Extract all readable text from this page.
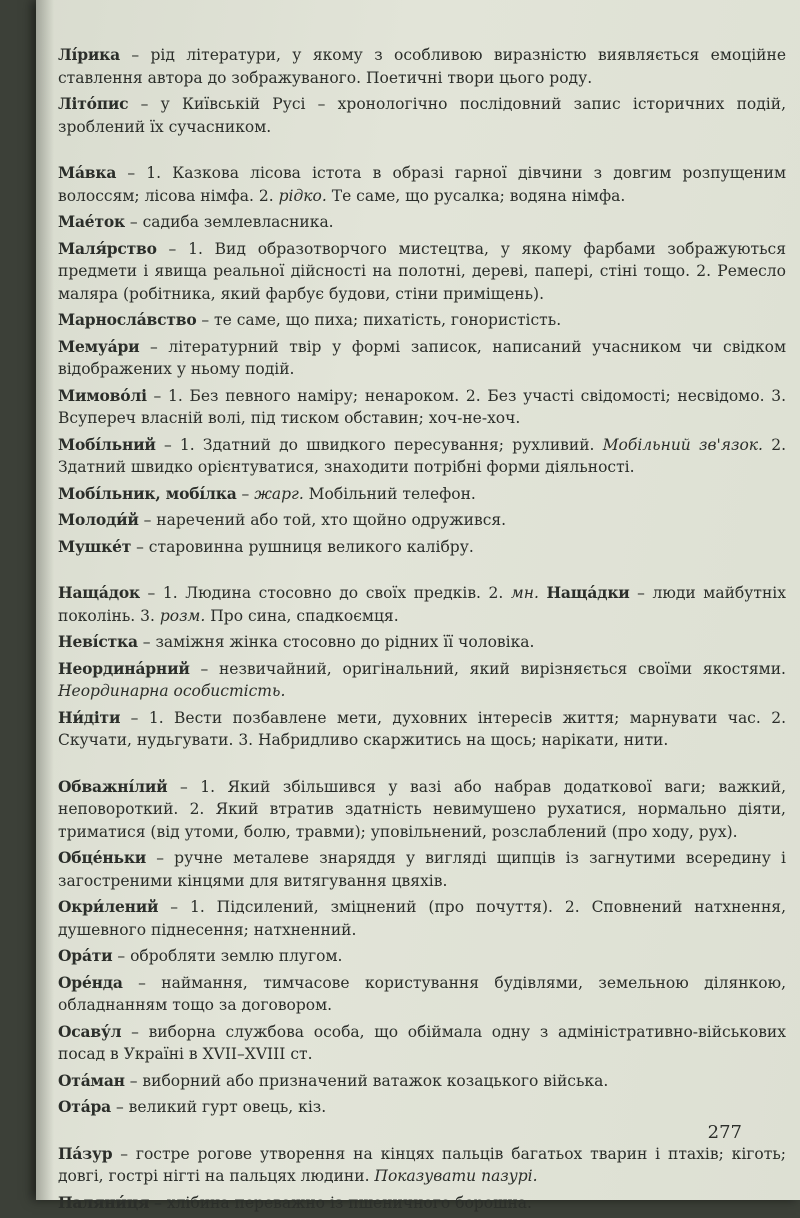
Лі́рика – рід літератури, у якому з особливою виразністю виявляється емоційне ставлення автора до зображуваного. Поетичні твори цього роду.

Літо́пис – у Київській Русі – хронологічно послідовний запис історичних подій, зроблений їх сучасником.

Ма́вка – 1. Казкова лісова істота в образі гарної дівчини з довгим розпущеним волоссям; лісова німфа. 2. рідко. Те саме, що русалка; водяна німфа.

Мае́ток – садиба землевласника.

Маля́рство – 1. Вид образотворчого мистецтва, у якому фарбами зображуються предмети і явища реальної дійсності на полотні, дереві, папері, стіні тощо. 2. Ремесло маляра (робітника, який фарбує будови, стіни приміщень).

Марносла́вство – те саме, що пиха; пихатість, гонористість.

Мемуа́ри – літературний твір у формі записок, написаний учасником чи свідком відображених у ньому подій.

Мимово́лі – 1. Без певного наміру; ненароком. 2. Без участі свідомості; несвідомо. 3. Всупереч власній волі, під тиском обставин; хоч-не-хоч.

Мобі́льний – 1. Здатний до швидкого пересування; рухливий. Мобільний зв'язок. 2. Здатний швидко орієнтуватися, знаходити потрібні форми діяльності.

Мобі́льник, мобі́лка – жарг. Мобільний телефон.

Молоди́й – наречений або той, хто щойно одружився.

Мушке́т – старовинна рушниця великого калібру.

Наща́док – 1. Людина стосовно до своїх предків. 2. мн. Наща́дки – люди майбутніх поколінь. 3. розм. Про сина, спадкоємця.

Неві́стка – заміжня жінка стосовно до рідних її чоловіка.

Неордина́рний – незвичайний, оригінальний, який вирізняється своїми якостями. Неординарна особистість.

Ни́діти – 1. Вести позбавлене мети, духовних інтересів життя; марнувати час. 2. Скучати, нудьгувати. 3. Набридливо скаржитись на щось; нарікати, нити.

Обважні́лий – 1. Який збільшився у вазі або набрав додаткової ваги; важкий, неповороткий. 2. Який втратив здатність невимушено рухатися, нормально діяти, триматися (від утоми, болю, травми); уповільнений, розслаблений (про ходу, рух).

Обце́ньки – ручне металеве знаряддя у вигляді щипців із загнутими всередину і загостреними кінцями для витягування цвяхів.

Окри́лений – 1. Підсилений, зміцнений (про почуття). 2. Сповнений натхнення, душевного піднесення; натхненний.

Ора́ти – обробляти землю плугом.

Оре́нда – наймання, тимчасове користування будівлями, земельною ділянкою, обладнанням тощо за договором.

Осаву́л – виборна службова особа, що обіймала одну з адміністративно-військових посад в Україні в XVII–XVIII ст.

Ота́ман – виборний або призначений ватажок козацького війська.

Ота́ра – великий гурт овець, кіз.

Па́зур – гостре рогове утворення на кінцях пальців багатьох тварин і птахів; кіготь; довгі, гострі нігті на пальцях людини. Показувати пазурі.

Паляни́ця – хлібина переважно із пшеничного борошна.

277
